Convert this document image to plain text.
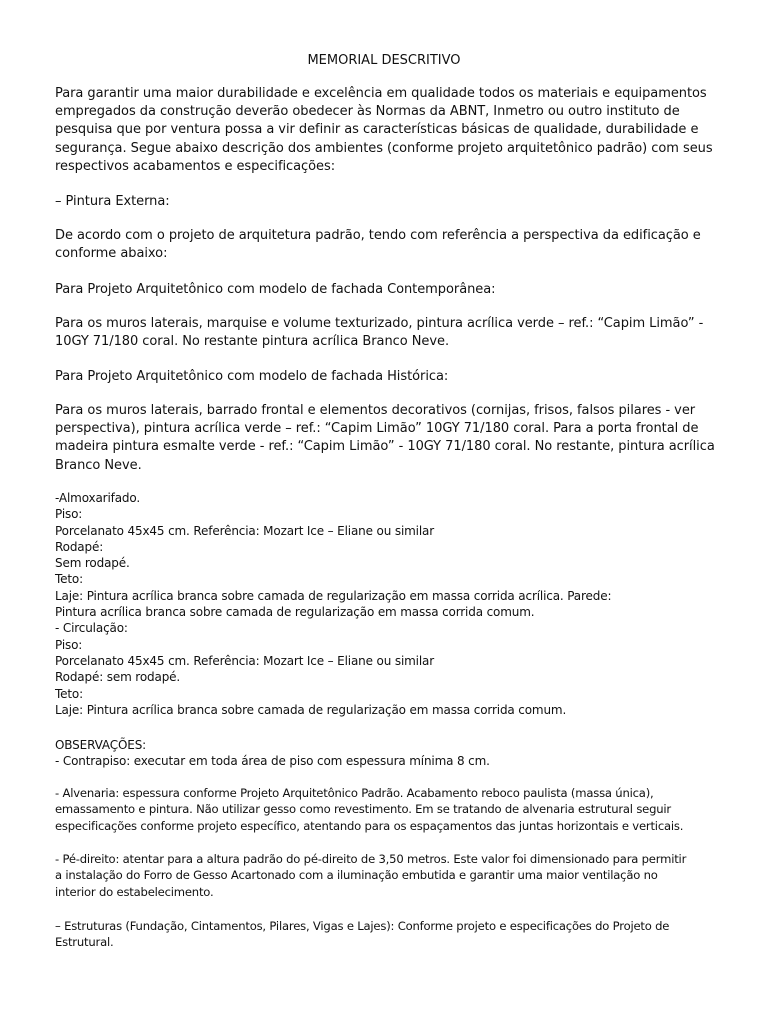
MEMORIAL DESCRITIVO
Para garantir uma maior durabilidade e excelência em qualidade todos os materiais e equipamentos
empregados da construção deverão obedecer às Normas da ABNT, Inmetro ou outro instituto de
pesquisa que por ventura possa a vir definir as características básicas de qualidade, durabilidade e
segurança. Segue abaixo descrição dos ambientes (conforme projeto arquitetônico padrão) com seus
respectivos acabamentos e especificações:
– Pintura Externa:
De acordo com o projeto de arquitetura padrão, tendo com referência a perspectiva da edificação e
conforme abaixo:
Para Projeto Arquitetônico com modelo de fachada Contemporânea:
Para os muros laterais, marquise e volume texturizado, pintura acrílica verde – ref.: “Capim Limão” -
10GY 71/180 coral. No restante pintura acrílica Branco Neve.
Para Projeto Arquitetônico com modelo de fachada Histórica:
Para os muros laterais, barrado frontal e elementos decorativos (cornijas, frisos, falsos pilares - ver
perspectiva), pintura acrílica verde – ref.: “Capim Limão” 10GY 71/180 coral. Para a porta frontal de
madeira pintura esmalte verde - ref.: “Capim Limão” - 10GY 71/180 coral. No restante, pintura acrílica
Branco Neve.
-Almoxarifado.
Piso:
Porcelanato 45x45 cm. Referência: Mozart Ice – Eliane ou similar
Rodapé:
Sem rodapé.
Teto:
Laje: Pintura acrílica branca sobre camada de regularização em massa corrida acrílica. Parede:
Pintura acrílica branca sobre camada de regularização em massa corrida comum.
- Circulação:
Piso:
Porcelanato 45x45 cm. Referência: Mozart Ice – Eliane ou similar
Rodapé: sem rodapé.
Teto:
Laje: Pintura acrílica branca sobre camada de regularização em massa corrida comum.
OBSERVAÇÕES:
- Contrapiso: executar em toda área de piso com espessura mínima 8 cm.
- Alvenaria: espessura conforme Projeto Arquitetônico Padrão. Acabamento reboco paulista (massa única),
emassamento e pintura. Não utilizar gesso como revestimento. Em se tratando de alvenaria estrutural seguir
especificações conforme projeto específico, atentando para os espaçamentos das juntas horizontais e verticais.
- Pé-direito: atentar para a altura padrão do pé-direito de 3,50 metros. Este valor foi dimensionado para permitir
a instalação do Forro de Gesso Acartonado com a iluminação embutida e garantir uma maior ventilação no
interior do estabelecimento.
– Estruturas (Fundação, Cintamentos, Pilares, Vigas e Lajes): Conforme projeto e especificações do Projeto de
Estrutural.
